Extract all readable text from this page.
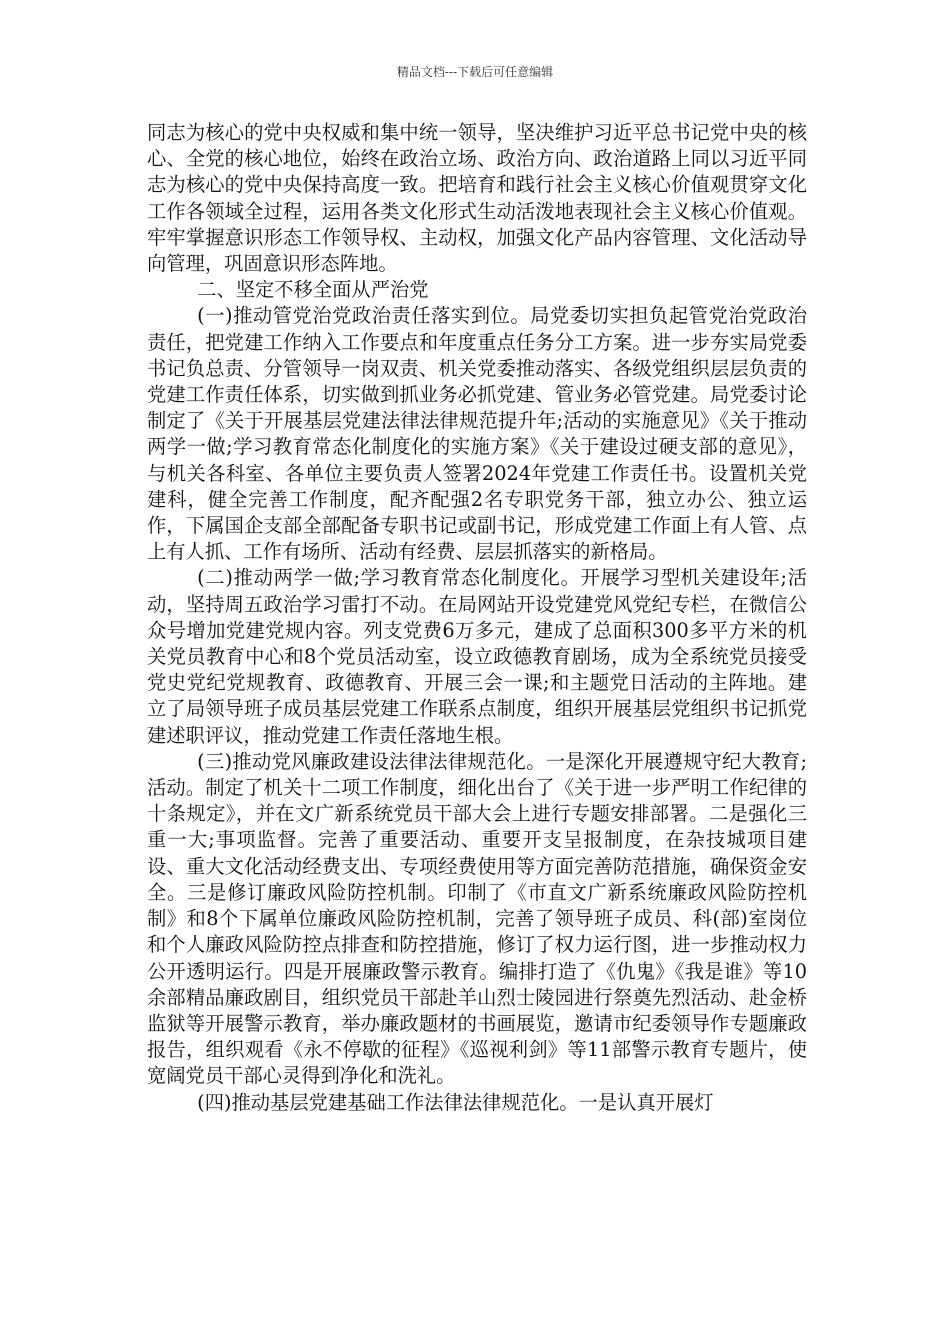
精品文档---下载后可任意编辑

同志为核心的党中央权威和集中统一领导，坚决维护习近平总书记党中央的核心、全党的核心地位，始终在政治立场、政治方向、政治道路上同以习近平同志为核心的党中央保持高度一致。把培育和践行社会主义核心价值观贯穿文化工作各领域全过程，运用各类文化形式生动活泼地表现社会主义核心价值观。牢牢掌握意识形态工作领导权、主动权，加强文化产品内容管理、文化活动导向管理，巩固意识形态阵地。

二、坚定不移全面从严治党

(一)推动管党治党政治责任落实到位。局党委切实担负起管党治党政治责任，把党建工作纳入工作要点和年度重点任务分工方案。进一步夯实局党委书记负总责、分管领导一岗双责、机关党委推动落实、各级党组织层层负责的党建工作责任体系，切实做到抓业务必抓党建、管业务必管党建。局党委讨论制定了《关于开展基层党建法律法律规范提升年;活动的实施意见》《关于推动两学一做;学习教育常态化制度化的实施方案》《关于建设过硬支部的意见》，与机关各科室、各单位主要负责人签署2024年党建工作责任书。设置机关党建科，健全完善工作制度，配齐配强2名专职党务干部，独立办公、独立运作，下属国企支部全部配备专职书记或副书记，形成党建工作面上有人管、点上有人抓、工作有场所、活动有经费、层层抓落实的新格局。

(二)推动两学一做;学习教育常态化制度化。开展学习型机关建设年;活动，坚持周五政治学习雷打不动。在局网站开设党建党风党纪专栏，在微信公众号增加党建党规内容。列支党费6万多元，建成了总面积300多平方米的机关党员教育中心和8个党员活动室，设立政德教育剧场，成为全系统党员接受党史党纪党规教育、政德教育、开展三会一课;和主题党日活动的主阵地。建立了局领导班子成员基层党建工作联系点制度，组织开展基层党组织书记抓党建述职评议，推动党建工作责任落地生根。

(三)推动党风廉政建设法律法律规范化。一是深化开展遵规守纪大教育;活动。制定了机关十二项工作制度，细化出台了《关于进一步严明工作纪律的十条规定》，并在文广新系统党员干部大会上进行专题安排部署。二是强化三重一大;事项监督。完善了重要活动、重要开支呈报制度，在杂技城项目建设、重大文化活动经费支出、专项经费使用等方面完善防范措施，确保资金安全。三是修订廉政风险防控机制。印制了《市直文广新系统廉政风险防控机制》和8个下属单位廉政风险防控机制，完善了领导班子成员、科(部)室岗位和个人廉政风险防控点排查和防控措施，修订了权力运行图，进一步推动权力公开透明运行。四是开展廉政警示教育。编排打造了《仇鬼》《我是谁》等10余部精品廉政剧目，组织党员干部赴羊山烈士陵园进行祭奠先烈活动、赴金桥监狱等开展警示教育，举办廉政题材的书画展览，邀请市纪委领导作专题廉政报告，组织观看《永不停歇的征程》《巡视利剑》等11部警示教育专题片，使宽阔党员干部心灵得到净化和洗礼。

(四)推动基层党建基础工作法律法律规范化。一是认真开展灯
